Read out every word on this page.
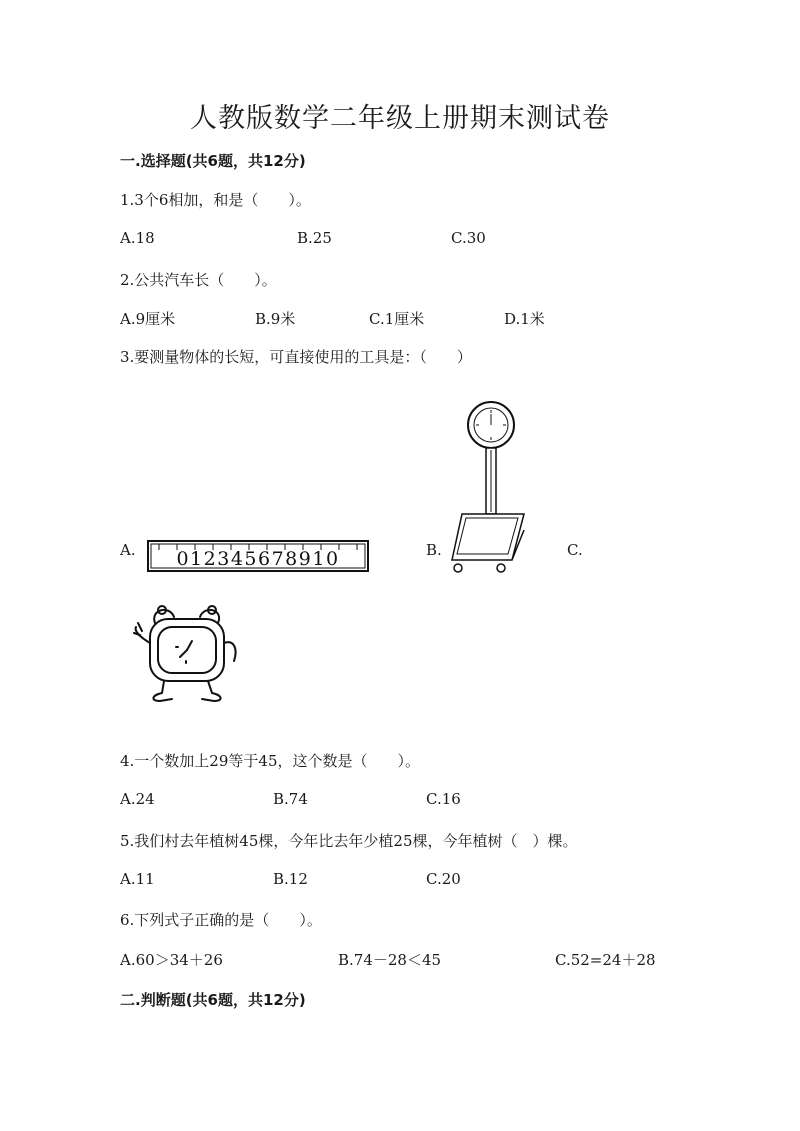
人教版数学二年级上册期末测试卷
一.选择题(共6题，共12分)
1.3个6相加，和是（　　）。
A.18	B.25	C.30
2.公共汽车长（　　）。
A.9厘米	B.9米	C.1厘米	D.1米
3.要测量物体的长短，可直接使用的工具是：（　　）
A.	B.	C.
012345678910
4.一个数加上29等于45，这个数是（　　）。
A.24	B.74	C.16
5.我们村去年植树45棵，今年比去年少植25棵，今年植树（　）棵。
A.11	B.12	C.20
6.下列式子正确的是（　　）。
A.60＞34＋26	B.74－28＜45	C.52=24＋28
二.判断题(共6题，共12分)
